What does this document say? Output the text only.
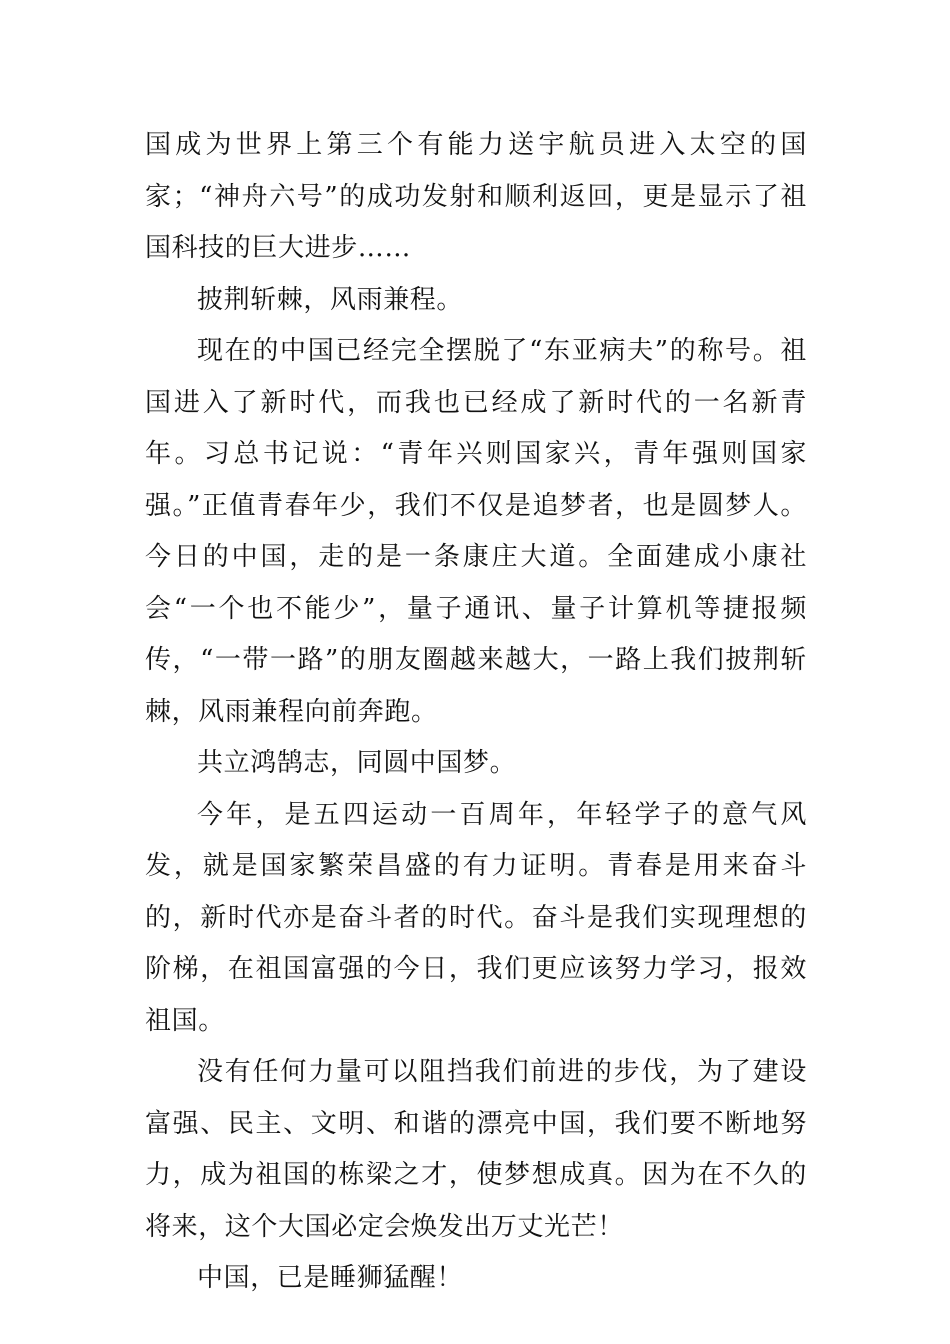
国成为世界上第三个有能力送宇航员进入太空的国家；“神舟六号”的成功发射和顺利返回，更是显示了祖国科技的巨大进步……

披荆斩棘，风雨兼程。

现在的中国已经完全摆脱了“东亚病夫”的称号。祖国进入了新时代，而我也已经成了新时代的一名新青年。习总书记说：“青年兴则国家兴，青年强则国家强。”正值青春年少，我们不仅是追梦者，也是圆梦人。今日的中国，走的是一条康庄大道。全面建成小康社会“一个也不能少”，量子通讯、量子计算机等捷报频传，“一带一路”的朋友圈越来越大，一路上我们披荆斩棘，风雨兼程向前奔跑。

共立鸿鹄志，同圆中国梦。

今年，是五四运动一百周年，年轻学子的意气风发，就是国家繁荣昌盛的有力证明。青春是用来奋斗的，新时代亦是奋斗者的时代。奋斗是我们实现理想的阶梯，在祖国富强的今日，我们更应该努力学习，报效祖国。

没有任何力量可以阻挡我们前进的步伐，为了建设富强、民主、文明、和谐的漂亮中国，我们要不断地努力，成为祖国的栋梁之才，使梦想成真。因为在不久的将来，这个大国必定会焕发出万丈光芒！

中国，已是睡狮猛醒！
